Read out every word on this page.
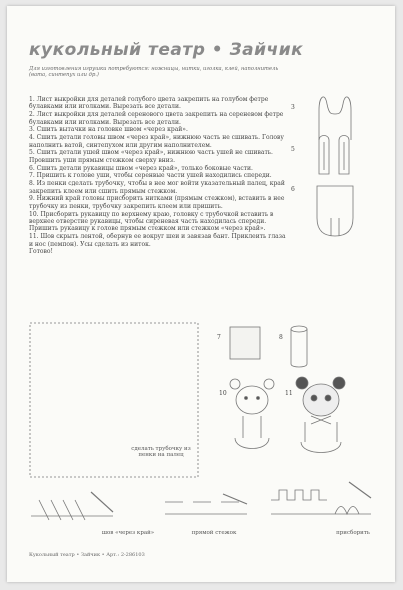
кукольный театр • Зайчик
Для изготовления игрушки потребуются: ножницы, нитки, иголка, клей, наполнитель (вата, синтепух или др.)

1. Лист выкройки для деталей голубого цвета закрепить на голубом фетре булавками или иголками. Вырезать все детали.

2. Лист выкройки для деталей серенового цвета закрепить на сереневом фетре булавками или иголками. Вырезать все детали.

3. Сшить вытачки на головке швом «через край».

4. Сшить детали головы швом «через край», нижнюю часть не сшивать. Голову наполнить ватой, синтепухом или другим наполнителем.

5. Сшить детали ушей швом «через край», нижнюю часть ушей не сшивать. Провшить уши прямым стежком сверху вниз.

6. Сшить детали рукавицы швом «через край», только боковые части.

7. Пришить к голове уши, чтобы серенвые части ушей находились спереди.

8. Из пенки сделать трубочку, чтобы в нее мог войти указательный палец, край закрепить клеем или сшить прямым стежком.

9. Нижний край головы присборить нитками (прямым стежком), вставить в нее трубочку из пенки, трубочку закрепить клеем или пришить.

10. Присборить рукавицу по верхнему краю, головку с трубочкой вставить в верхнее отверстие рукавицы, чтобы сиреневая часть находилась спереди. Пришить рукавицу к голове прямым стежком или стежком «через край».

11. Шов скрыть лентой, обернув ее вокруг шеи и завязав бант. Приклеить глаза и нос (пемпон). Усы сделать из ниток.

Готово!

3
5
6
сделать трубочку из пенки на палец
7	8
10	11
шов «через край»	прямой стежок	присборить
Кукольный театр • Зайчик • Арт.: 2-286103
